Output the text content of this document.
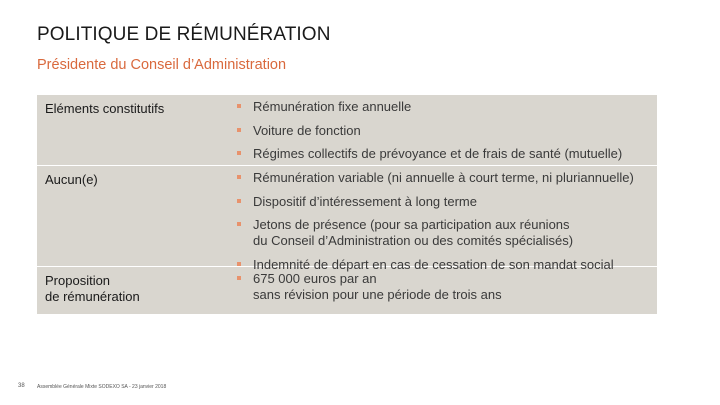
POLITIQUE DE RÉMUNÉRATION
Présidente du Conseil d’Administration
Eléments constitutifs	Rémunération fixe annuelle
Voiture de fonction
Régimes collectifs de prévoyance et de frais de santé (mutuelle)
Aucun(e)	Rémunération variable (ni annuelle à court terme, ni pluriannuelle)
Dispositif d’intéressement à long terme
Jetons de présence (pour sa participation aux réunions
du Conseil d’Administration ou des comités spécialisés)
Indemnité de départ en cas de cessation de son mandat social
Proposition
de rémunération
675 000 euros par an
sans révision pour une période de trois ans
38 Assemblée Générale Mixte SODEXO SA - 23 janvier 2018
